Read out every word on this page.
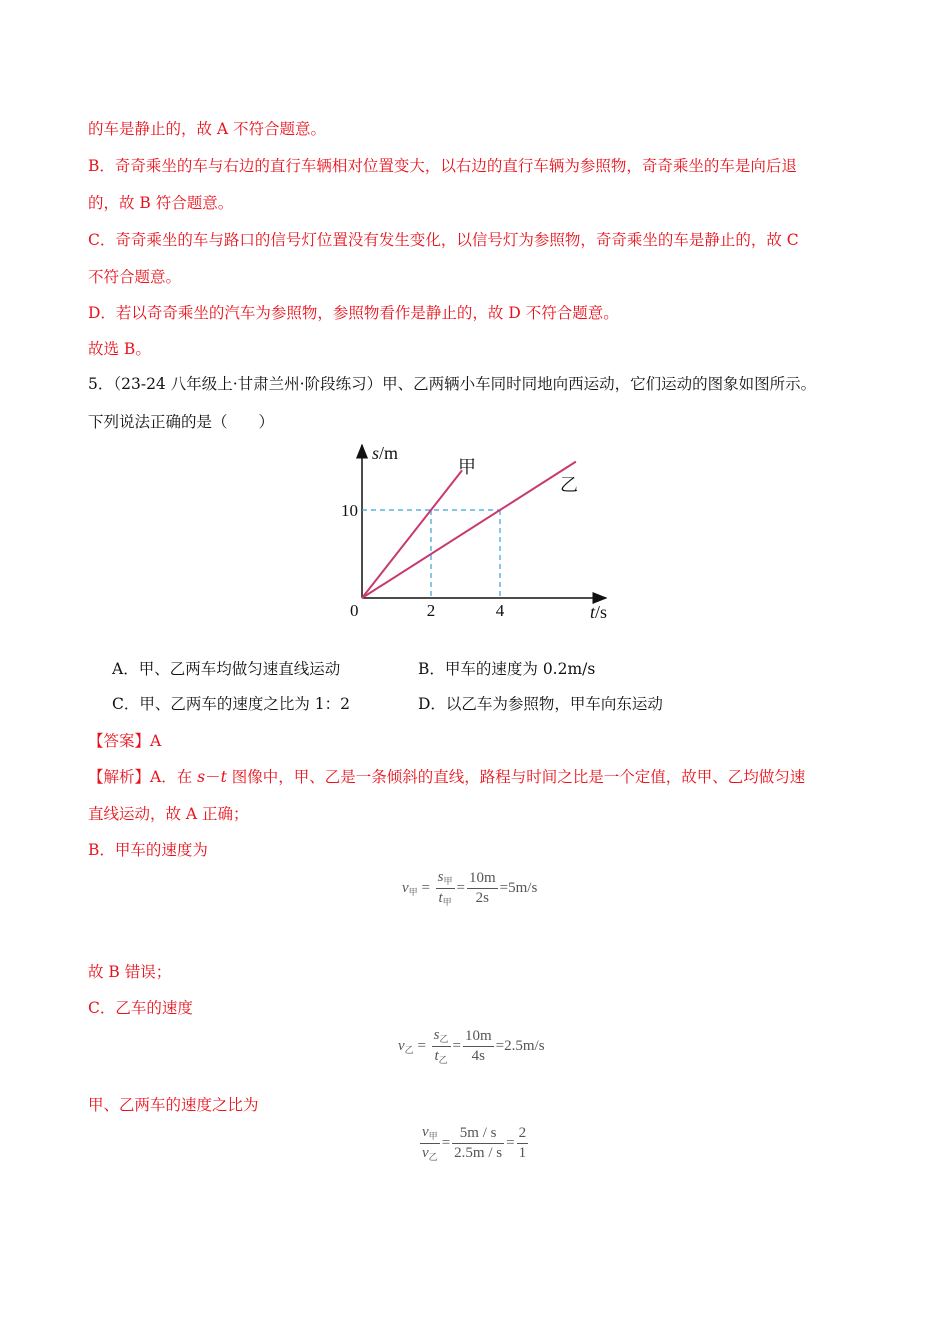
的车是静止的，故 A 不符合题意。
B．奇奇乘坐的车与右边的直行车辆相对位置变大，以右边的直行车辆为参照物，奇奇乘坐的车是向后退
的，故 B 符合题意。
C．奇奇乘坐的车与路口的信号灯位置没有发生变化，以信号灯为参照物，奇奇乘坐的车是静止的，故 C
不符合题意。
D．若以奇奇乘坐的汽车为参照物，参照物看作是静止的，故 D 不符合题意。
故选 B。
5．（23-24 八年级上·甘肃兰州·阶段练习）甲、乙两辆小车同时同地向西运动，它们运动的图象如图所示。
下列说法正确的是（　　）
甲
乙
s/m
t/s
0	2	4
10
A．甲、乙两车均做匀速直线运动	B．甲车的速度为 0.2m/s
C．甲、乙两车的速度之比为 1：2	D．以乙车为参照物，甲车向东运动
【答案】A
【解析】A．在 s－t 图像中，甲、乙是一条倾斜的直线，路程与时间之比是一个定值，故甲、乙均做匀速
直线运动，故 A 正确；
B．甲车的速度为
$v_甲 = \frac{s_甲}{t_甲} = \frac{10m}{2s} =5m/s$
故 B 错误；
C．乙车的速度
$v_乙 = \frac{s_乙}{t_乙} = \frac{10m}{4s} =2.5m/s$
甲、乙两车的速度之比为
$\frac{v_甲}{v_乙} = \frac{5m / s}{2.5m / s} = \frac{2}{1}$
